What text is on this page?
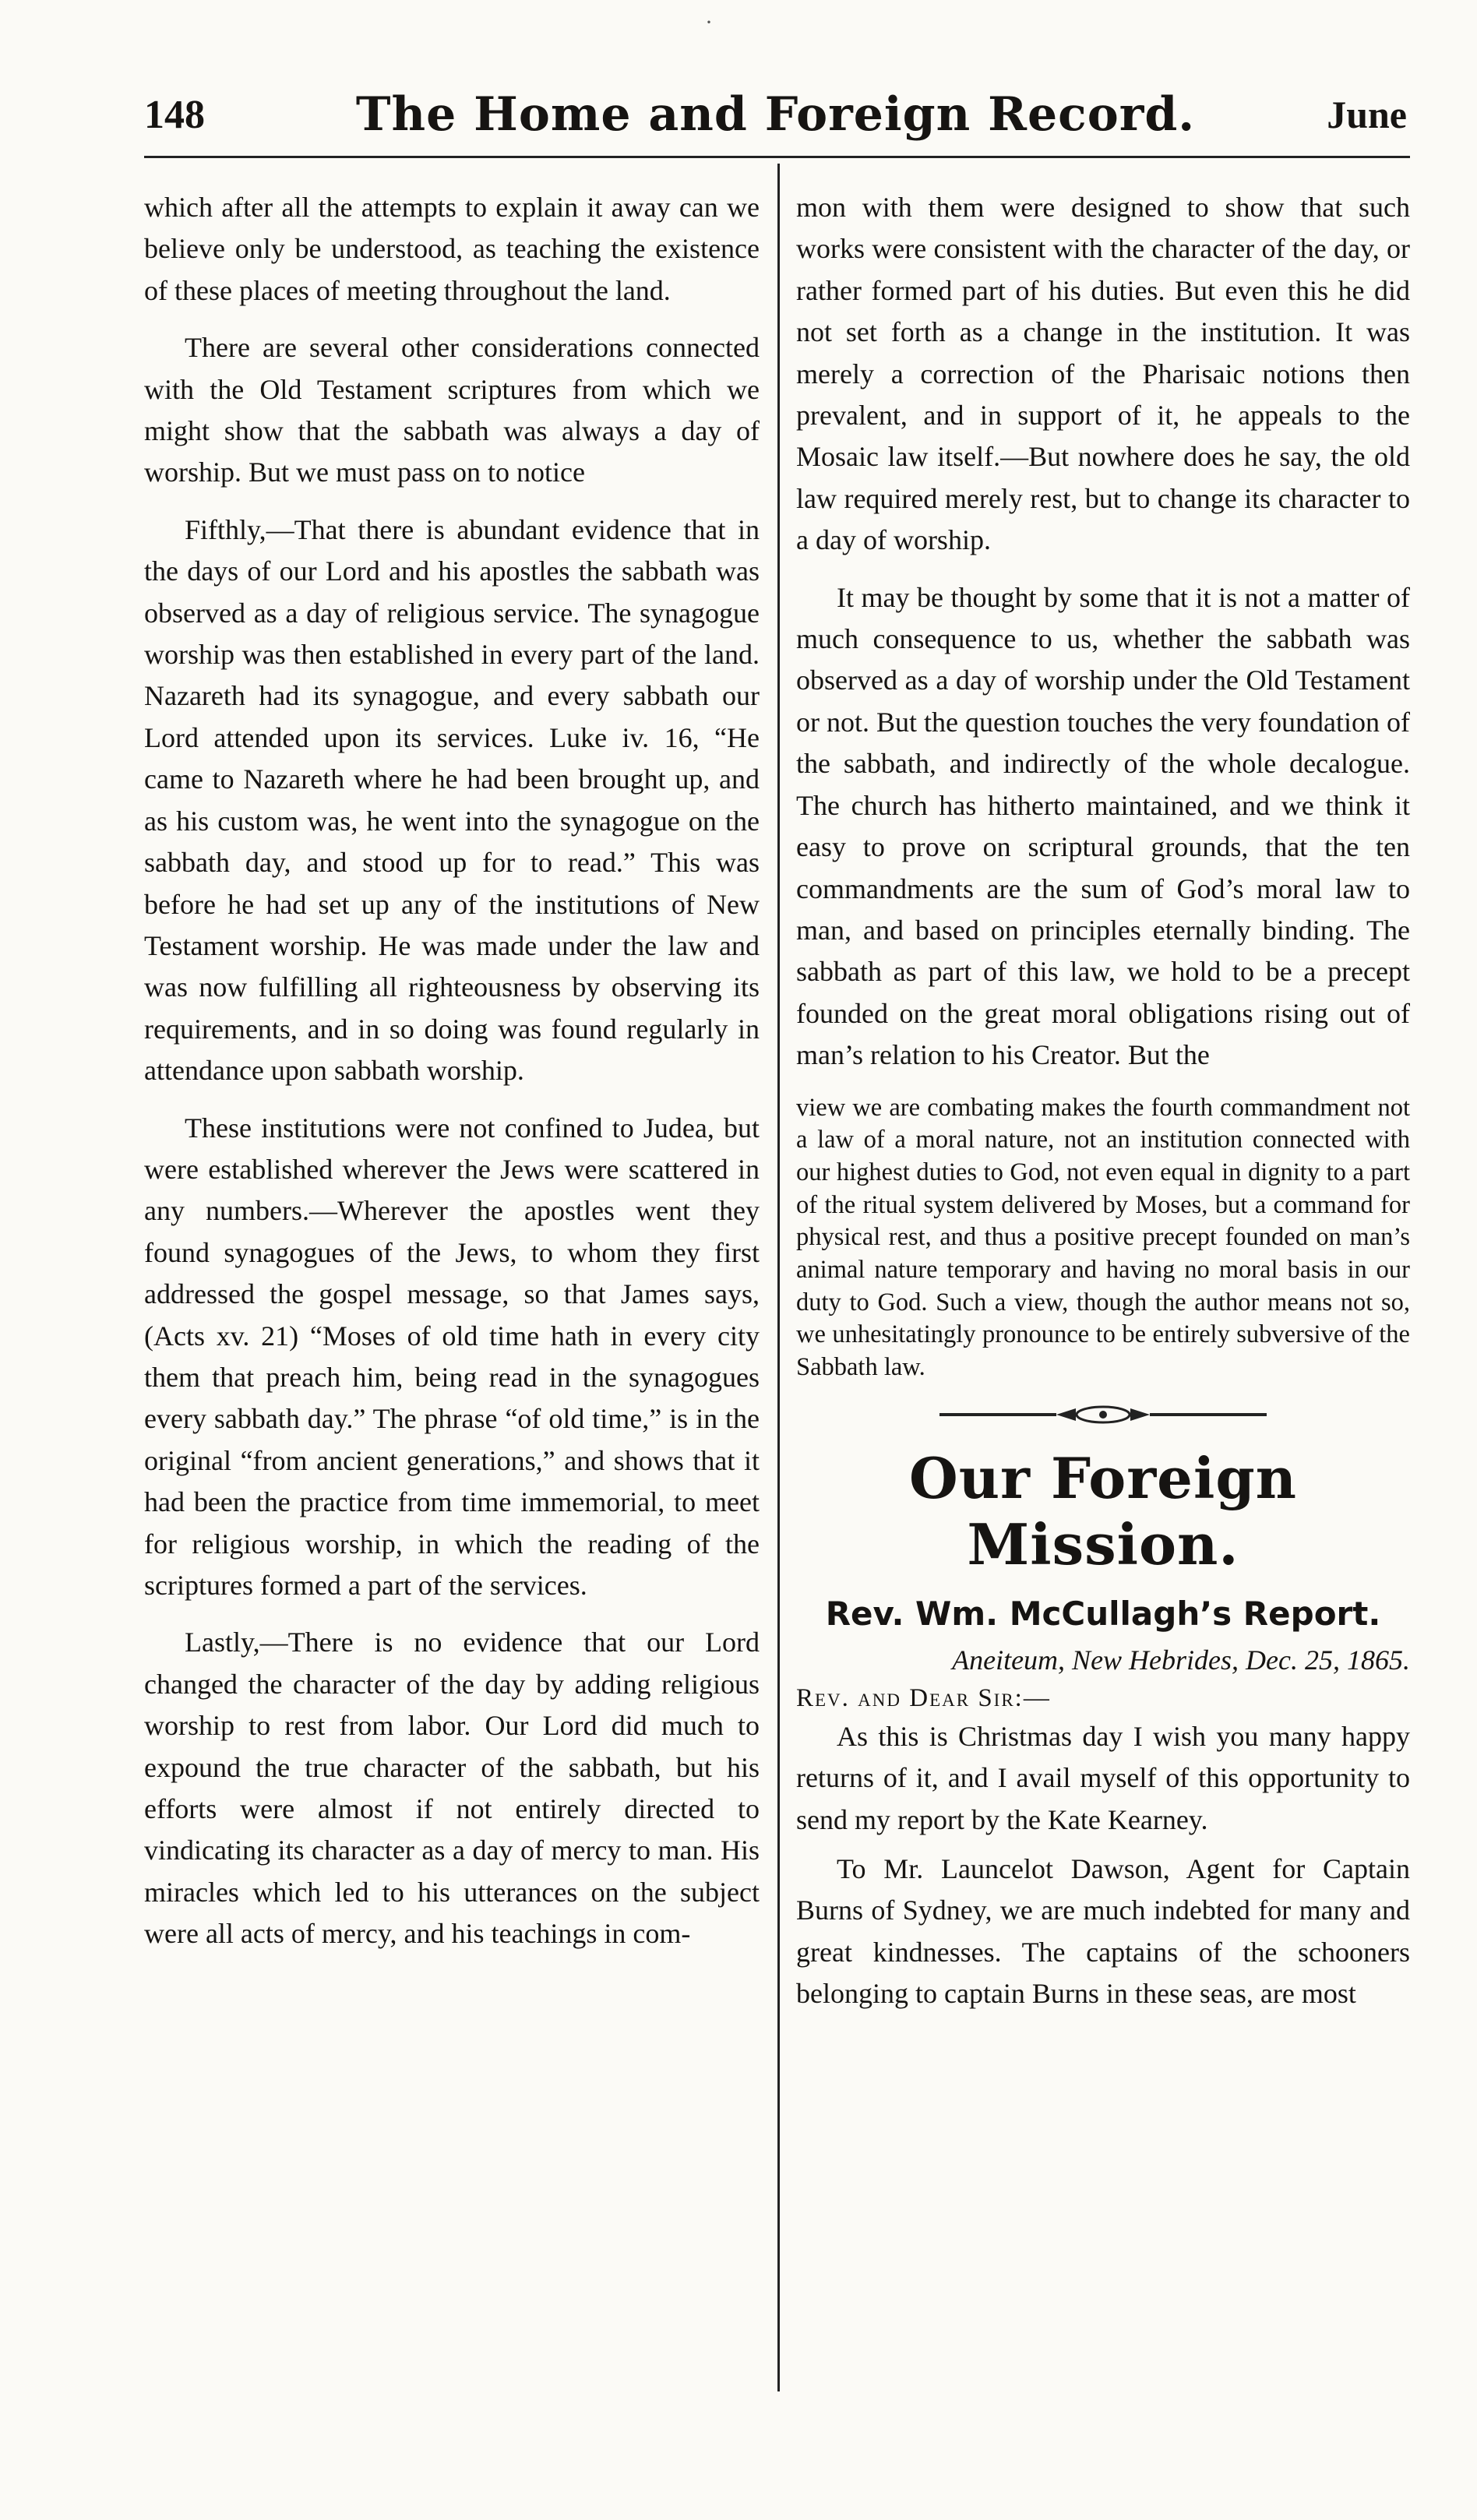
·
148	The Home and Foreign Record.	June

which after all the attempts to explain it away can we believe only be understood, as teaching the existence of these places of meeting throughout the land.

There are several other considerations connected with the Old Testament scriptures from which we might show that the sabbath was always a day of worship. But we must pass on to notice

Fifthly,—That there is abundant evidence that in the days of our Lord and his apostles the sabbath was observed as a day of religious service. The synagogue worship was then established in every part of the land. Nazareth had its synagogue, and every sabbath our Lord attended upon its services. Luke iv. 16, “He came to Nazareth where he had been brought up, and as his custom was, he went into the synagogue on the sabbath day, and stood up for to read.” This was before he had set up any of the institutions of New Testament worship. He was made under the law and was now fulfilling all righteousness by observing its requirements, and in so doing was found regularly in attendance upon sabbath worship.

These institutions were not confined to Judea, but were established wherever the Jews were scattered in any numbers.—Wherever the apostles went they found synagogues of the Jews, to whom they first addressed the gospel message, so that James says, (Acts xv. 21) “Moses of old time hath in every city them that preach him, being read in the synagogues every sabbath day.” The phrase “of old time,” is in the original “from ancient generations,” and shows that it had been the practice from time immemorial, to meet for religious worship, in which the reading of the scriptures formed a part of the services.

Lastly,—There is no evidence that our Lord changed the character of the day by adding religious worship to rest from labor. Our Lord did much to expound the true character of the sabbath, but his efforts were almost if not entirely directed to vindicating its character as a day of mercy to man. His miracles which led to his utterances on the subject were all acts of mercy, and his teachings in com-

mon with them were designed to show that such works were consistent with the character of the day, or rather formed part of his duties. But even this he did not set forth as a change in the institution. It was merely a correction of the Pharisaic notions then prevalent, and in support of it, he appeals to the Mosaic law itself.—But nowhere does he say, the old law required merely rest, but to change its character to a day of worship.

It may be thought by some that it is not a matter of much consequence to us, whether the sabbath was observed as a day of worship under the Old Testament or not. But the question touches the very foundation of the sabbath, and indirectly of the whole decalogue. The church has hitherto maintained, and we think it easy to prove on scriptural grounds, that the ten commandments are the sum of God’s moral law to man, and based on principles eternally binding. The sabbath as part of this law, we hold to be a precept founded on the great moral obligations rising out of man’s relation to his Creator. But the

view we are combating makes the fourth commandment not a law of a moral nature, not an institution connected with our highest duties to God, not even equal in dignity to a part of the ritual system delivered by Moses, but a command for physical rest, and thus a positive precept founded on man’s animal nature temporary and having no moral basis in our duty to God. Such a view, though the author means not so, we unhesitatingly pronounce to be entirely subversive of the Sabbath law.

Our Foreign Mission.
Rev. Wm. McCullagh’s Report.
Aneiteum, New Hebrides, Dec. 25, 1865.
Rev. and Dear Sir:—

As this is Christmas day I wish you many happy returns of it, and I avail myself of this opportunity to send my report by the Kate Kearney.

To Mr. Launcelot Dawson, Agent for Captain Burns of Sydney, we are much indebted for many and great kindnesses. The captains of the schooners belonging to captain Burns in these seas, are most
